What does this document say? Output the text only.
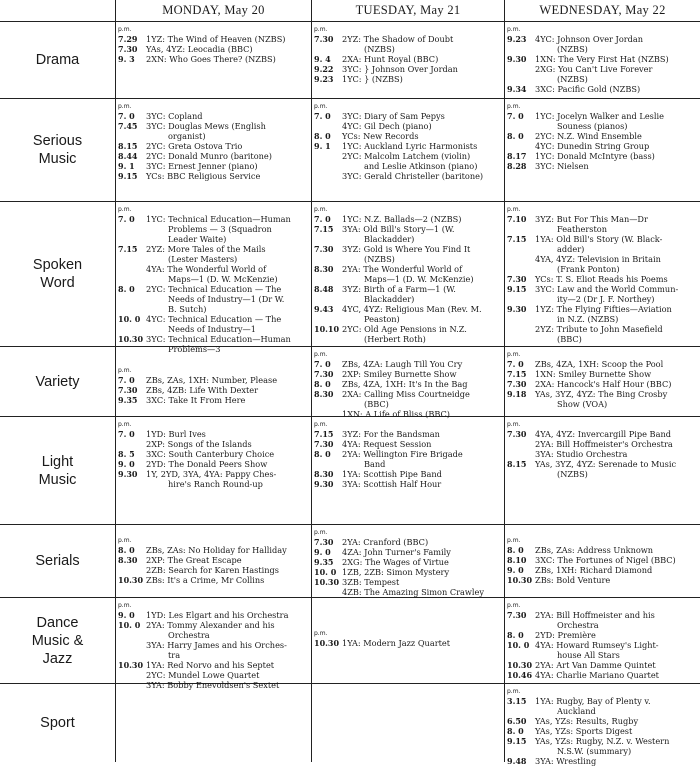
MONDAY, May 20	TUESDAY, May 21	WEDNESDAY, May 22
Drama
Serious Music
Spoken Word
Variety
Light Music
Serials
Dance Music & Jazz
Sport
p.m.
7.29 1YZ: The Wind of Heaven (NZBS)
7.30 YAs, 4YZ: Leocadia (BBC)
9. 3 2XN: Who Goes There? (NZBS)
p.m.
7.30 2YZ: The Shadow of Doubt
(NZBS)
9. 4 2XA: Hunt Royal (BBC)
9.22 3YC: } Johnson Over Jordan
9.23 1YC: } (NZBS)
p.m.
9.23 4YC: Johnson Over Jordan
(NZBS)
9.30 1XN: The Very First Hat (NZBS)
2XG: You Can't Live Forever
(NZBS)
9.34 3XC: Pacific Gold (NZBS)
p.m.
7. 0 3YC: Copland
7.45 3YC: Douglas Mews (English
organist)
8.15 2YC: Greta Ostova Trio
8.44 2YC: Donald Munro (baritone)
9. 1 3YC: Ernest Jenner (piano)
9.15 YCs: BBC Religious Service
p.m.
7. 0 3YC: Diary of Sam Pepys
4YC: Gil Dech (piano)
8. 0 YCs: New Records
9. 1 1YC: Auckland Lyric Harmonists
2YC: Malcolm Latchem (violin)
and Leslie Atkinson (piano)
3YC: Gerald Christeller (baritone)
p.m.
7. 0 1YC: Jocelyn Walker and Leslie
Souness (pianos)
8. 0 2YC: N.Z. Wind Ensemble
4YC: Dunedin String Group
8.17 1YC: Donald McIntyre (bass)
8.28 3YC: Nielsen
p.m.
7. 0 1YC: Technical Education—Human
Problems — 3 (Squadron
Leader Waite)
7.15 2YZ: More Tales of the Mails
(Lester Masters)
4YA: The Wonderful World of
Maps—1 (D. W. McKenzie)
8. 0 2YC: Technical Education — The
Needs of Industry—1 (Dr W.
B. Sutch)
10. 0 4YC: Technical Education — The
Needs of Industry—1
10.30 3YC: Technical Education—Human
Problems—3
p.m.
7. 0 1YC: N.Z. Ballads—2 (NZBS)
7.15 3YA: Old Bill's Story—1 (W.
Blackadder)
7.30 3YZ: Gold is Where You Find It
(NZBS)
8.30 2YA: The Wonderful World of
Maps—1 (D. W. McKenzie)
8.48 3YZ: Birth of a Farm—1 (W.
Blackadder)
9.43 4YC, 4YZ: Religious Man (Rev. M.
Peaston)
10.10 2YC: Old Age Pensions in N.Z.
(Herbert Roth)
p.m.
7.10 3YZ: But For This Man—Dr
Featherston
7.15 1YA: Old Bill's Story (W. Black-
adder)
4YA, 4YZ: Television in Britain
(Frank Ponton)
7.30 YCs: T. S. Eliot Reads his Poems
9.15 3YC: Law and the World Commun-
ity—2 (Dr J. F. Northey)
9.30 1YZ: The Flying Fifties—Aviation
in N.Z. (NZBS)
2YZ: Tribute to John Masefield
(BBC)
p.m.
7. 0 ZBs, ZAs, 1XH: Number, Please
7.30 ZBs, 4ZB: Life With Dexter
9.35 3XC: Take It From Here
p.m.
7. 0 ZBs, 4ZA: Laugh Till You Cry
7.30 2XP: Smiley Burnette Show
8. 0 ZBs, 4ZA, 1XH: It's In the Bag
8.30 2XA: Calling Miss Courtneidge
(BBC)
1XN: A Life of Bliss (BBC)
p.m.
7. 0 ZBs, 4ZA, 1XH: Scoop the Pool
7.15 1XN: Smiley Burnette Show
7.30 2XA: Hancock's Half Hour (BBC)
9.18 YAs, 3YZ, 4YZ: The Bing Crosby
Show (VOA)
p.m.
7. 0 1YD: Burl Ives
2XP: Songs of the Islands
8. 5 3XC: South Canterbury Choice
9. 0 2YD: The Donald Peers Show
9.30 1Y, 2YD, 3YA, 4YA: Pappy Ches-
hire's Ranch Round-up
p.m.
7.15 3YZ: For the Bandsman
7.30 4YA: Request Session
8. 0 2YA: Wellington Fire Brigade
Band
8.30 1YA: Scottish Pipe Band
9.30 3YA: Scottish Half Hour
p.m.
7.30 4YA, 4YZ: Invercargill Pipe Band
2YA: Bill Hoffmeister's Orchestra
3YA: Studio Orchestra
8.15 YAs, 3YZ, 4YZ: Serenade to Music
(NZBS)
p.m.
8. 0 ZBs, ZAs: No Holiday for Halliday
8.30 2XP: The Great Escape
2ZB: Search for Karen Hastings
10.30 ZBs: It's a Crime, Mr Collins
p.m.
7.30 2YA: Cranford (BBC)
9. 0 4ZA: John Turner's Family
9.35 2XG: The Wages of Virtue
10. 0 1ZB, 2ZB: Simon Mystery
10.30 3ZB: Tempest
4ZB: The Amazing Simon Crawley
p.m.
8. 0 ZBs, ZAs: Address Unknown
8.10 3XC: The Fortunes of Nigel (BBC)
9. 0 ZBs, 1XH: Richard Diamond
10.30 ZBs: Bold Venture
p.m.
9. 0 1YD: Les Elgart and his Orchestra
10. 0 2YA: Tommy Alexander and his
Orchestra
3YA: Harry James and his Orches-
tra
10.30 1YA: Red Norvo and his Septet
2YC: Mundel Lowe Quartet
3YA: Bobby Enevoldsen's Sextet
p.m.
10.30 1YA: Modern Jazz Quartet
p.m.
7.30 2YA: Bill Hoffmeister and his
Orchestra
8. 0 2YD: Première
10. 0 4YA: Howard Rumsey's Light-
house All Stars
10.30 2YA: Art Van Damme Quintet
10.46 4YA: Charlie Mariano Quartet
p.m.
3.15 1YA: Rugby, Bay of Plenty v.
Auckland
6.50 YAs, YZs: Results, Rugby
8. 0 YAs, YZs: Sports Digest
9.15 YAs, YZs: Rugby, N.Z. v. Western
N.S.W. (summary)
9.48 3YA: Wrestling
